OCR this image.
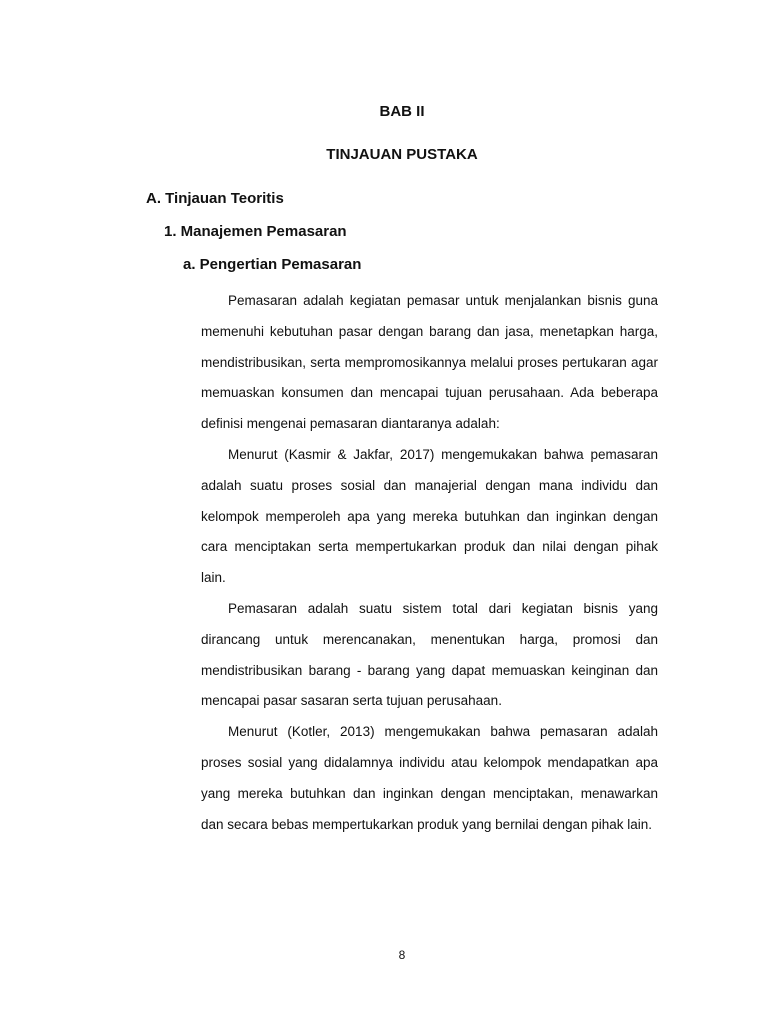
BAB II
TINJAUAN PUSTAKA
A. Tinjauan Teoritis
1. Manajemen Pemasaran
a. Pengertian Pemasaran

Pemasaran adalah kegiatan pemasar untuk menjalankan bisnis guna memenuhi kebutuhan pasar dengan barang dan jasa, menetapkan harga, mendistribusikan, serta mempromosikannya melalui proses pertukaran agar memuaskan konsumen dan mencapai tujuan perusahaan. Ada beberapa definisi mengenai pemasaran diantaranya adalah:

Menurut (Kasmir & Jakfar, 2017) mengemukakan bahwa pemasaran adalah suatu proses sosial dan manajerial dengan mana individu dan kelompok memperoleh apa yang mereka butuhkan dan inginkan dengan cara menciptakan serta mempertukarkan produk dan nilai dengan pihak lain.

Pemasaran adalah suatu sistem total dari kegiatan bisnis yang dirancang untuk merencanakan, menentukan harga, promosi dan mendistribusikan barang - barang yang dapat memuaskan keinginan dan mencapai pasar sasaran serta tujuan perusahaan.

Menurut (Kotler, 2013) mengemukakan bahwa pemasaran adalah proses sosial yang didalamnya individu atau kelompok mendapatkan apa yang mereka butuhkan dan inginkan dengan menciptakan, menawarkan dan secara bebas mempertukarkan produk yang bernilai dengan pihak lain.

8
